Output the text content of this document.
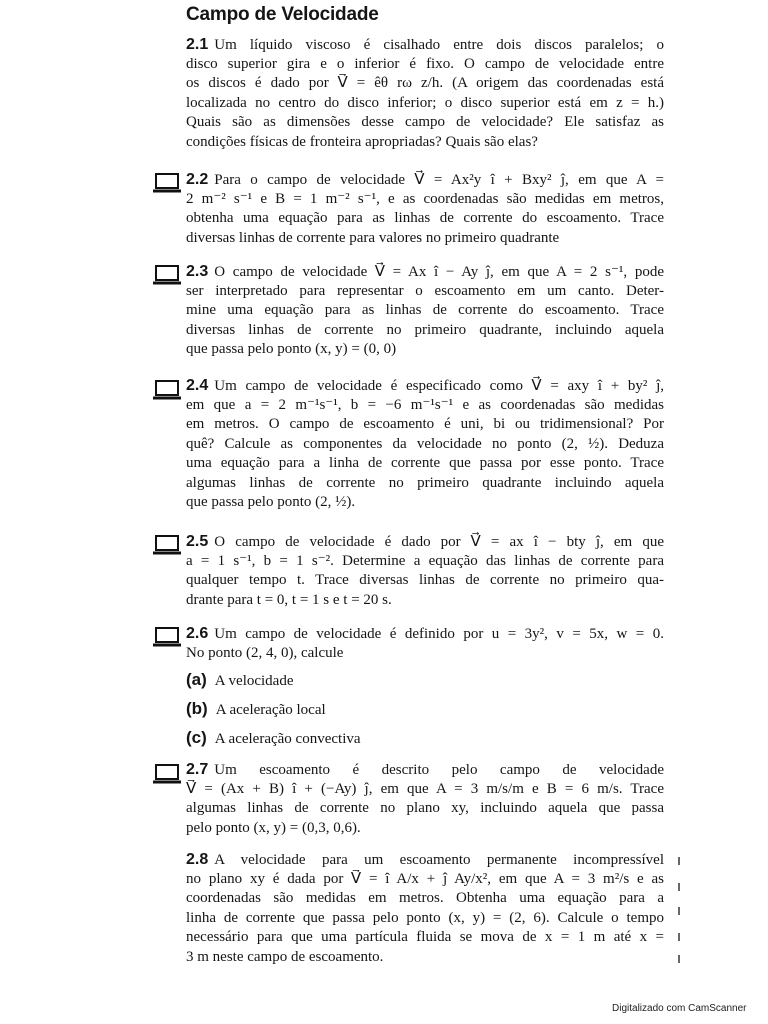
Campo de Velocidade
2.1 Um líquido viscoso é cisalhado entre dois discos paralelos; o
disco superior gira e o inferior é fixo. O campo de velocidade entre
os discos é dado por V⃗ = êθ rω z/h. (A origem das coordenadas está
localizada no centro do disco inferior; o disco superior está em z = h.)
Quais são as dimensões desse campo de velocidade? Ele satisfaz as
condições físicas de fronteira apropriadas? Quais são elas?
2.2 Para o campo de velocidade V⃗ = Ax²y î + Bxy² ĵ, em que A =
2 m⁻² s⁻¹ e B = 1 m⁻² s⁻¹, e as coordenadas são medidas em metros,
obtenha uma equação para as linhas de corrente do escoamento. Trace
diversas linhas de corrente para valores no primeiro quadrante
2.3 O campo de velocidade V⃗ = Ax î − Ay ĵ, em que A = 2 s⁻¹, pode
ser interpretado para representar o escoamento em um canto. Deter-
mine uma equação para as linhas de corrente do escoamento. Trace
diversas linhas de corrente no primeiro quadrante, incluindo aquela
que passa pelo ponto (x, y) = (0, 0)
2.4 Um campo de velocidade é especificado como V⃗ = axy î + by² ĵ,
em que a = 2 m⁻¹s⁻¹, b = −6 m⁻¹s⁻¹ e as coordenadas são medidas
em metros. O campo de escoamento é uni, bi ou tridimensional? Por
quê? Calcule as componentes da velocidade no ponto (2, ½). Deduza
uma equação para a linha de corrente que passa por esse ponto. Trace
algumas linhas de corrente no primeiro quadrante incluindo aquela
que passa pelo ponto (2, ½).
2.5 O campo de velocidade é dado por V⃗ = ax î − bty ĵ, em que
a = 1 s⁻¹, b = 1 s⁻². Determine a equação das linhas de corrente para
qualquer tempo t. Trace diversas linhas de corrente no primeiro qua-
drante para t = 0, t = 1 s e t = 20 s.
2.6 Um campo de velocidade é definido por u = 3y², v = 5x, w = 0.
No ponto (2, 4, 0), calcule
(a) A velocidade
(b) A aceleração local
(c) A aceleração convectiva
2.7 Um escoamento é descrito pelo campo de velocidade
V⃗ = (Ax + B) î + (−Ay) ĵ, em que A = 3 m/s/m e B = 6 m/s. Trace
algumas linhas de corrente no plano xy, incluindo aquela que passa
pelo ponto (x, y) = (0,3, 0,6).
2.8 A velocidade para um escoamento permanente incompressível
no plano xy é dada por V⃗ = î A/x + ĵ Ay/x², em que A = 3 m²/s e as
coordenadas são medidas em metros. Obtenha uma equação para a
linha de corrente que passa pelo ponto (x, y) = (2, 6). Calcule o tempo
necessário para que uma partícula fluida se mova de x = 1 m até x =
3 m neste campo de escoamento.
Digitalizado com CamScanner
